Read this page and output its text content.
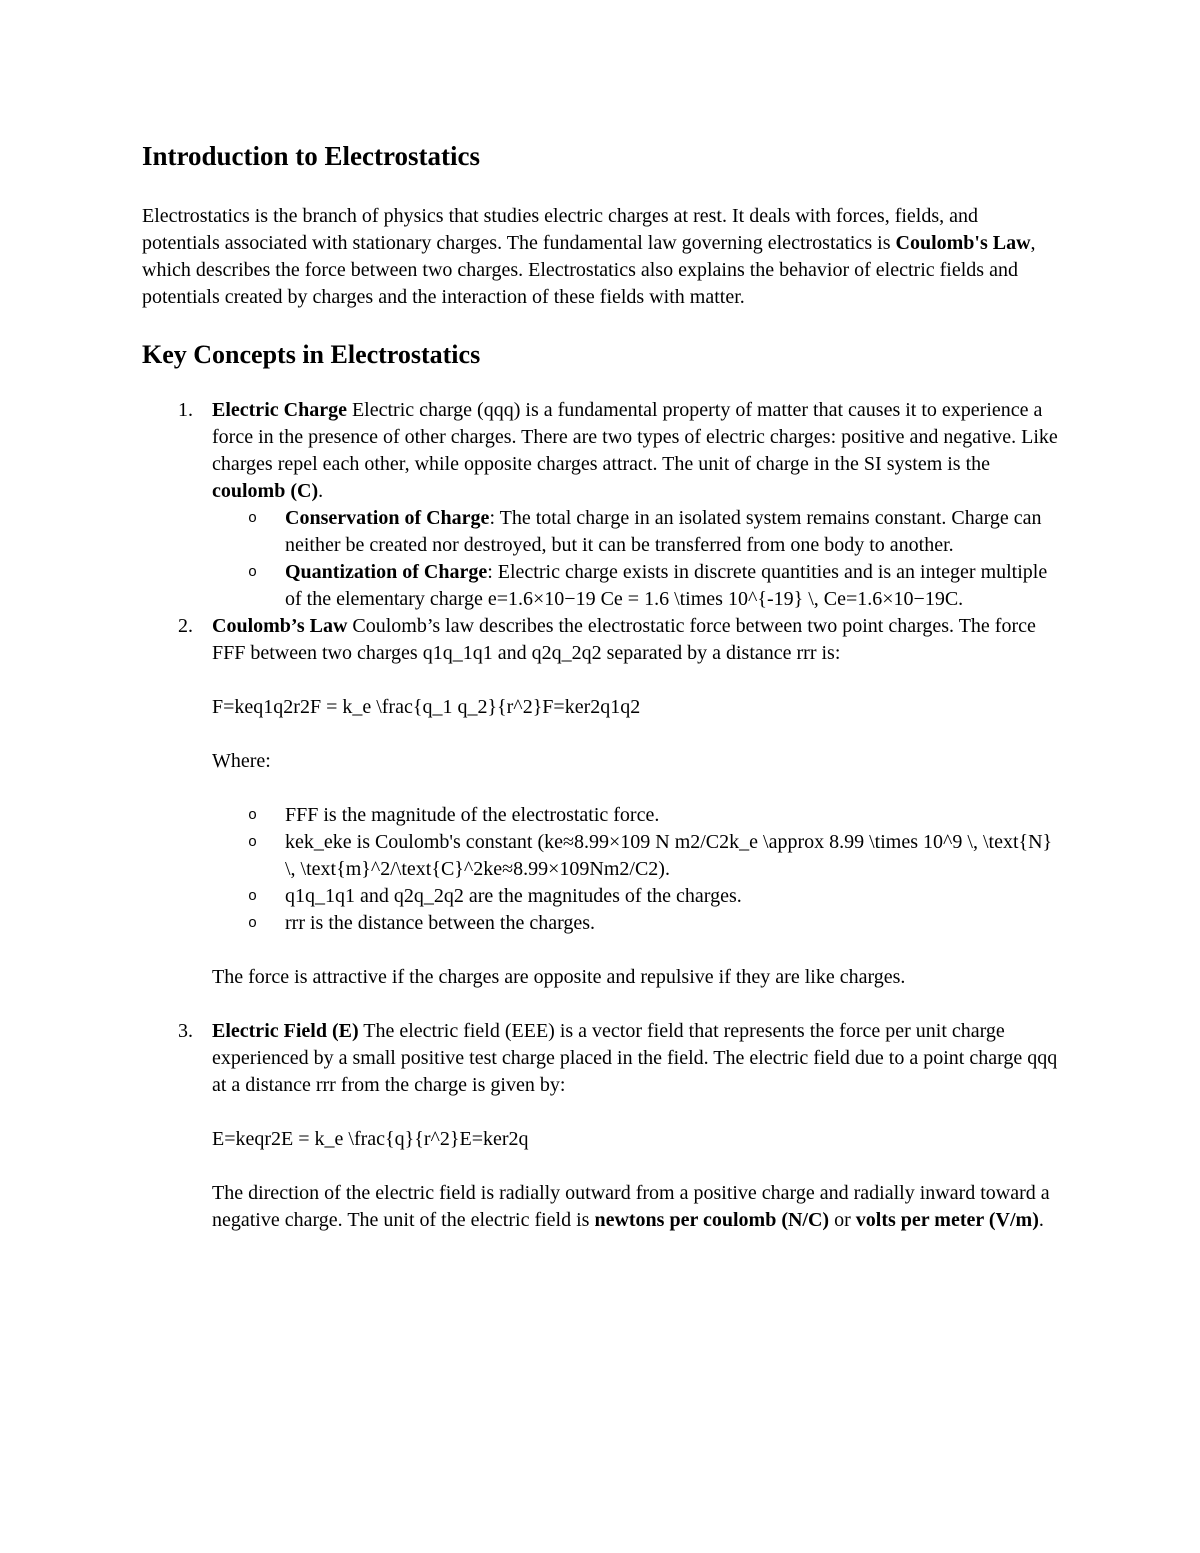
Introduction to Electrostatics

Electrostatics is the branch of physics that studies electric charges at rest. It deals with forces, fields, and potentials associated with stationary charges. The fundamental law governing electrostatics is Coulomb's Law, which describes the force between two charges. Electrostatics also explains the behavior of electric fields and potentials created by charges and the interaction of these fields with matter.

Key Concepts in Electrostatics
1. Electric Charge Electric charge (qqq) is a fundamental property of matter that causes it to experience a force in the presence of other charges. There are two types of electric charges: positive and negative. Like charges repel each other, while opposite charges attract. The unit of charge in the SI system is the coulomb (C).

o	Conservation of Charge: The total charge in an isolated system remains constant. Charge can neither be created nor destroyed, but it can be transferred from one body to another.

o	Quantization of Charge: Electric charge exists in discrete quantities and is an integer multiple of the elementary charge e=1.6×10−19 Ce = 1.6 \times 10^{-19} \, Ce=1.6×10−19C.

2. Coulomb’s Law Coulomb’s law describes the electrostatic force between two point charges. The force FFF between two charges q1q_1q1 and q2q_2q2 separated by a distance rrr is:

F=keq1q2r2F = k_e \frac{q_1 q_2}{r^2}F=ker2q1q2

Where:

o	FFF is the magnitude of the electrostatic force.

o	kek_eke is Coulomb's constant (ke≈8.99×109 N m2/C2k_e \approx 8.99 \times 10^9 \, \text{N} \, \text{m}^2/\text{C}^2ke≈8.99×109Nm2/C2).

o	q1q_1q1 and q2q_2q2 are the magnitudes of the charges.

o	rrr is the distance between the charges.

The force is attractive if the charges are opposite and repulsive if they are like charges.

3. Electric Field (E) The electric field (EEE) is a vector field that represents the force per unit charge experienced by a small positive test charge placed in the field. The electric field due to a point charge qqq at a distance rrr from the charge is given by:

E=keqr2E = k_e \frac{q}{r^2}E=ker2q

The direction of the electric field is radially outward from a positive charge and radially inward toward a negative charge. The unit of the electric field is newtons per coulomb (N/C) or volts per meter (V/m).
